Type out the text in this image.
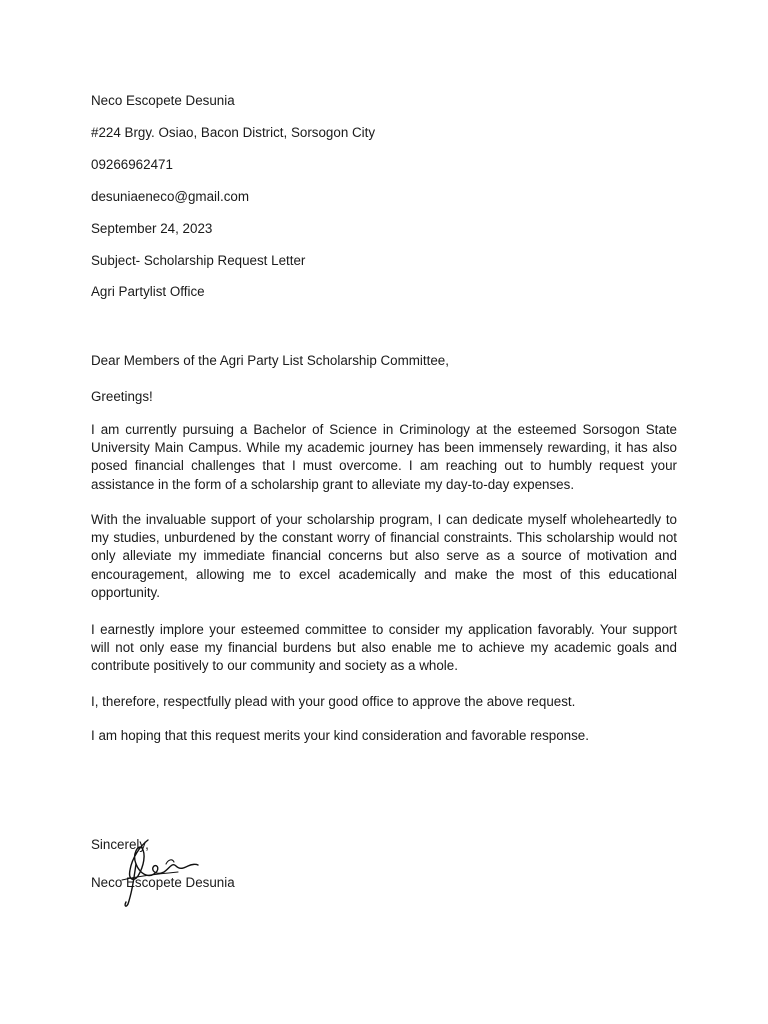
Neco Escopete Desunia
#224 Brgy. Osiao, Bacon District, Sorsogon City
09266962471
desuniaeneco@gmail.com
September 24, 2023
Subject- Scholarship Request Letter
Agri Partylist Office
Dear Members of the Agri Party List Scholarship Committee,
Greetings!
I am currently pursuing a Bachelor of Science in Criminology at the esteemed Sorsogon State University Main Campus. While my academic journey has been immensely rewarding, it has also posed financial challenges that I must overcome. I am reaching out to humbly request your assistance in the form of a scholarship grant to alleviate my day-to-day expenses.
With the invaluable support of your scholarship program, I can dedicate myself wholeheartedly to my studies, unburdened by the constant worry of financial constraints. This scholarship would not only alleviate my immediate financial concerns but also serve as a source of motivation and encouragement, allowing me to excel academically and make the most of this educational opportunity.
I earnestly implore your esteemed committee to consider my application favorably. Your support will not only ease my financial burdens but also enable me to achieve my academic goals and contribute positively to our community and society as a whole.
I, therefore, respectfully plead with your good office to approve the above request.
I am hoping that this request merits your kind consideration and favorable response.
Sincerely,
Neco Escopete Desunia
